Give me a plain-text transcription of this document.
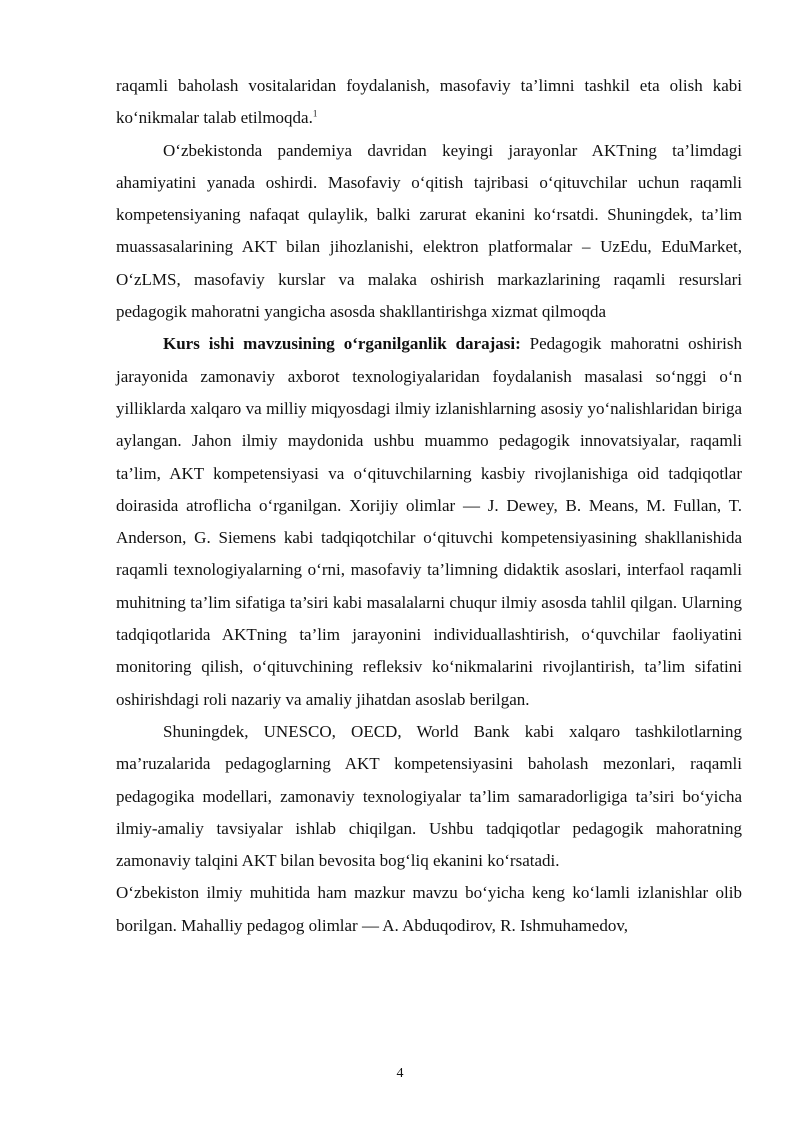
raqamli baholash vositalaridan foydalanish, masofaviy ta’limni tashkil eta olish kabi ko‘nikmalar talab etilmoqda.$^1$

O‘zbekistonda pandemiya davridan keyingi jarayonlar AKTning ta’limdagi ahamiyatini yanada oshirdi. Masofaviy o‘qitish tajribasi o‘qituvchilar uchun raqamli kompetensiyaning nafaqat qulaylik, balki zarurat ekanini ko‘rsatdi. Shuningdek, ta’lim muassasalarining AKT bilan jihozlanishi, elektron platformalar – UzEdu, EduMarket, O‘zLMS, masofaviy kurslar va malaka oshirish markazlarining raqamli resurslari pedagogik mahoratni yangicha asosda shakllantirishga xizmat qilmoqda

Kurs ishi mavzusining o‘rganilganlik darajasi: Pedagogik mahoratni oshirish jarayonida zamonaviy axborot texnologiyalaridan foydalanish masalasi so‘nggi o‘n yilliklarda xalqaro va milliy miqyosdagi ilmiy izlanishlarning asosiy yo‘nalishlaridan biriga aylangan. Jahon ilmiy maydonida ushbu muammo pedagogik innovatsiyalar, raqamli ta’lim, AKT kompetensiyasi va o‘qituvchilarning kasbiy rivojlanishiga oid tadqiqotlar doirasida atroflicha o‘rganilgan. Xorijiy olimlar — J. Dewey, B. Means, M. Fullan, T. Anderson, G. Siemens kabi tadqiqotchilar o‘qituvchi kompetensiyasining shakllanishida raqamli texnologiyalarning o‘rni, masofaviy ta’limning didaktik asoslari, interfaol raqamli muhitning ta’lim sifatiga ta’siri kabi masalalarni chuqur ilmiy asosda tahlil qilgan. Ularning tadqiqotlarida AKTning ta’lim jarayonini individuallashtirish, o‘quvchilar faoliyatini monitoring qilish, o‘qituvchining refleksiv ko‘nikmalarini rivojlantirish, ta’lim sifatini oshirishdagi roli nazariy va amaliy jihatdan asoslab berilgan.

Shuningdek, UNESCO, OECD, World Bank kabi xalqaro tashkilotlarning ma’ruzalarida pedagoglarning AKT kompetensiyasini baholash mezonlari, raqamli pedagogika modellari, zamonaviy texnologiyalar ta’lim samaradorligiga ta’siri bo‘yicha ilmiy-amaliy tavsiyalar ishlab chiqilgan. Ushbu tadqiqotlar pedagogik mahoratning zamonaviy talqini AKT bilan bevosita bog‘liq ekanini ko‘rsatadi.

O‘zbekiston ilmiy muhitida ham mazkur mavzu bo‘yicha keng ko‘lamli izlanishlar olib borilgan. Mahalliy pedagog olimlar — A. Abduqodirov, R. Ishmuhamedov,

4
